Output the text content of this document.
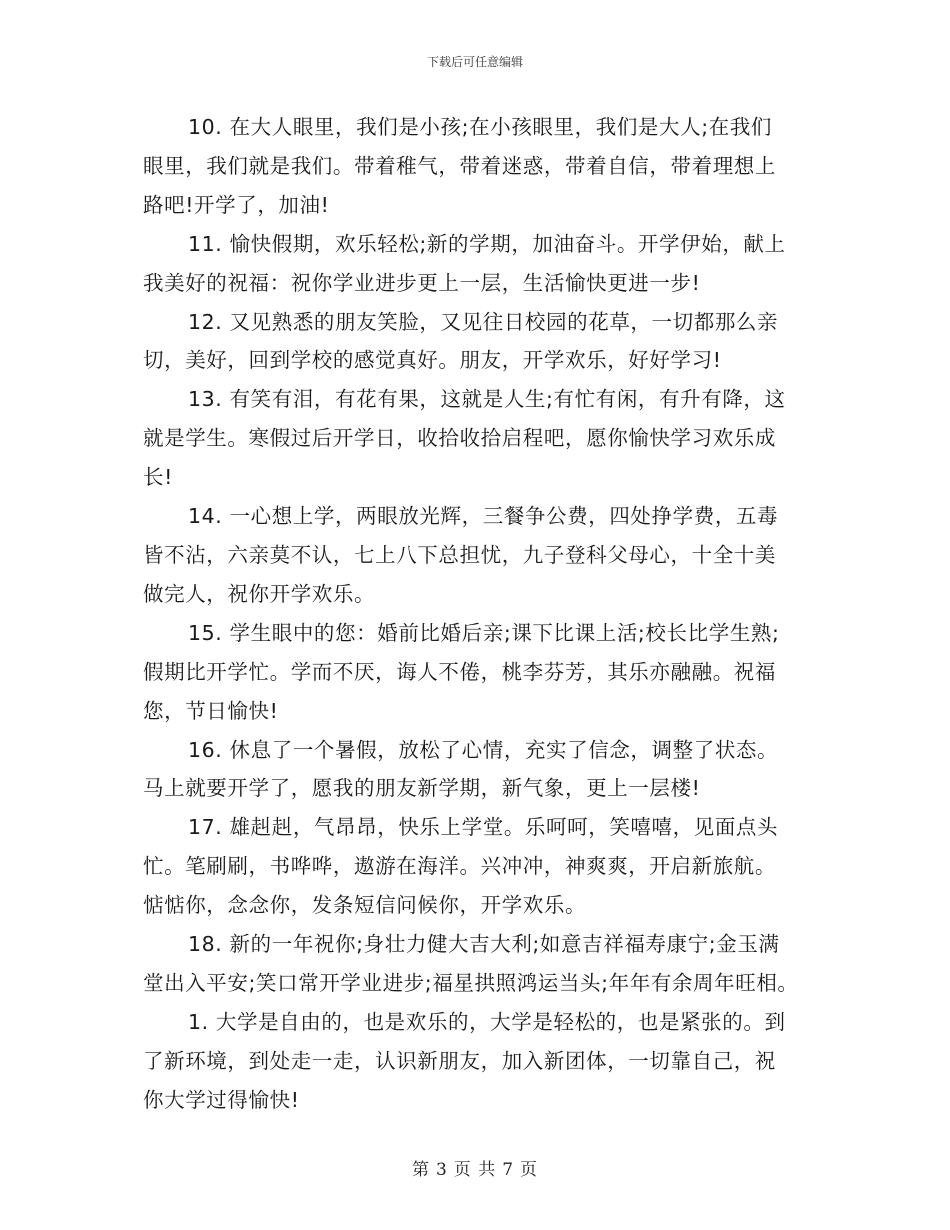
下载后可任意编辑

10. 在大人眼里，我们是小孩;在小孩眼里，我们是大人;在我们
眼里，我们就是我们。带着稚气，带着迷惑，带着自信，带着理想上
路吧!开学了，加油!

11. 愉快假期，欢乐轻松;新的学期，加油奋斗。开学伊始，献上
我美好的祝福：祝你学业进步更上一层，生活愉快更进一步!

12. 又见熟悉的朋友笑脸，又见往日校园的花草，一切都那么亲
切，美好，回到学校的感觉真好。朋友，开学欢乐，好好学习!

13. 有笑有泪，有花有果，这就是人生;有忙有闲，有升有降，这
就是学生。寒假过后开学日，收拾收拾启程吧，愿你愉快学习欢乐成
长!

14. 一心想上学，两眼放光辉，三餐争公费，四处挣学费，五毒
皆不沾，六亲莫不认，七上八下总担忧，九子登科父母心，十全十美
做完人，祝你开学欢乐。

15. 学生眼中的您：婚前比婚后亲;课下比课上活;校长比学生熟;
假期比开学忙。学而不厌，诲人不倦，桃李芬芳，其乐亦融融。祝福
您，节日愉快!

16. 休息了一个暑假，放松了心情，充实了信念，调整了状态。
马上就要开学了，愿我的朋友新学期，新气象，更上一层楼!

17. 雄赳赳，气昂昂，快乐上学堂。乐呵呵，笑嘻嘻，见面点头
忙。笔刷刷，书哗哗，遨游在海洋。兴冲冲，神爽爽，开启新旅航。
惦惦你，念念你，发条短信问候你，开学欢乐。

18. 新的一年祝你;身壮力健大吉大利;如意吉祥福寿康宁;金玉满
堂出入平安;笑口常开学业进步;福星拱照鸿运当头;年年有余周年旺相。

1. 大学是自由的，也是欢乐的，大学是轻松的，也是紧张的。到
了新环境，到处走一走，认识新朋友，加入新团体，一切靠自己，祝
你大学过得愉快!

第 3 页 共 7 页
